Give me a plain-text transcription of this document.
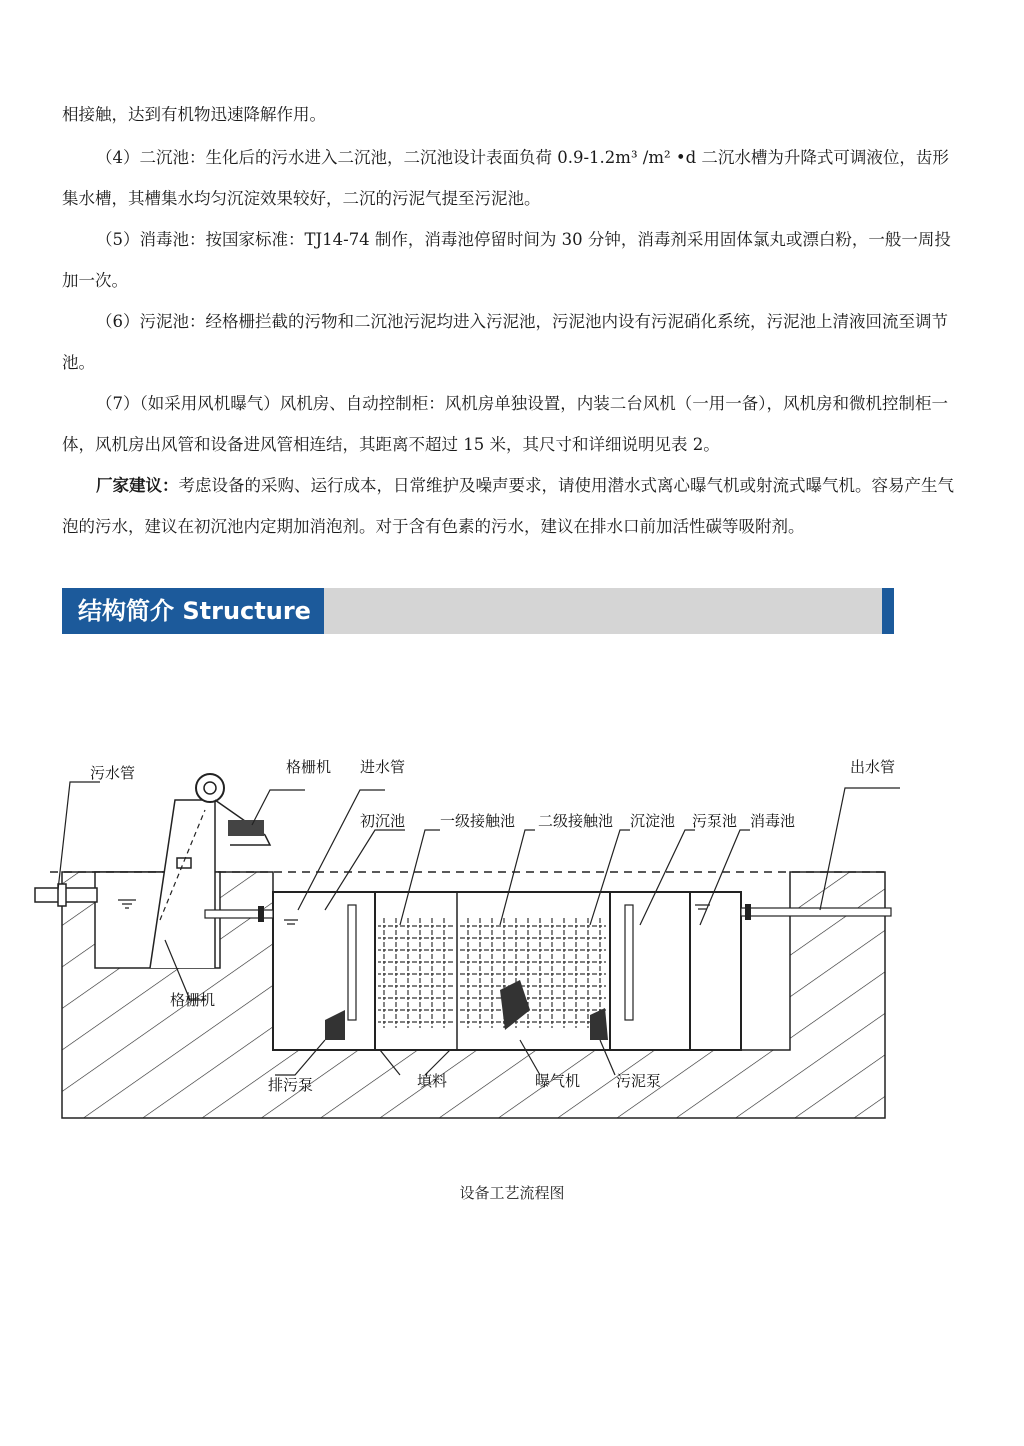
相接触，达到有机物迅速降解作用。

（4）二沉池：生化后的污水进入二沉池，二沉池设计表面负荷 0.9-1.2m³ /m² •d 二沉水槽为升降式可调液位，齿形集水槽，其槽集水均匀沉淀效果较好，二沉的污泥气提至污泥池。

（5）消毒池：按国家标准：TJ14-74 制作，消毒池停留时间为 30 分钟，消毒剂采用固体氯丸或漂白粉，一般一周投加一次。

（6）污泥池：经格栅拦截的污物和二沉池污泥均进入污泥池，污泥池内设有污泥硝化系统，污泥池上清液回流至调节池。

（7）（如采用风机曝气）风机房、自动控制柜：风机房单独设置，内装二台风机（一用一备），风机房和微机控制柜一体，风机房出风管和设备进风管相连结，其距离不超过 15 米，其尺寸和详细说明见表 2。

厂家建议：考虑设备的采购、运行成本，日常维护及噪声要求，请使用潜水式离心曝气机或射流式曝气机。容易产生气泡的污水，建议在初沉池内定期加消泡剂。对于含有色素的污水，建议在排水口前加活性碳等吸附剂。

结构简介 Structure
污水管	格栅机 进水管	出水管
初沉池 一级接触池 二级接触池 沉淀池 污泵池 消毒池
格栅机
排污泵	填料	曝气机 污泥泵
设备工艺流程图
